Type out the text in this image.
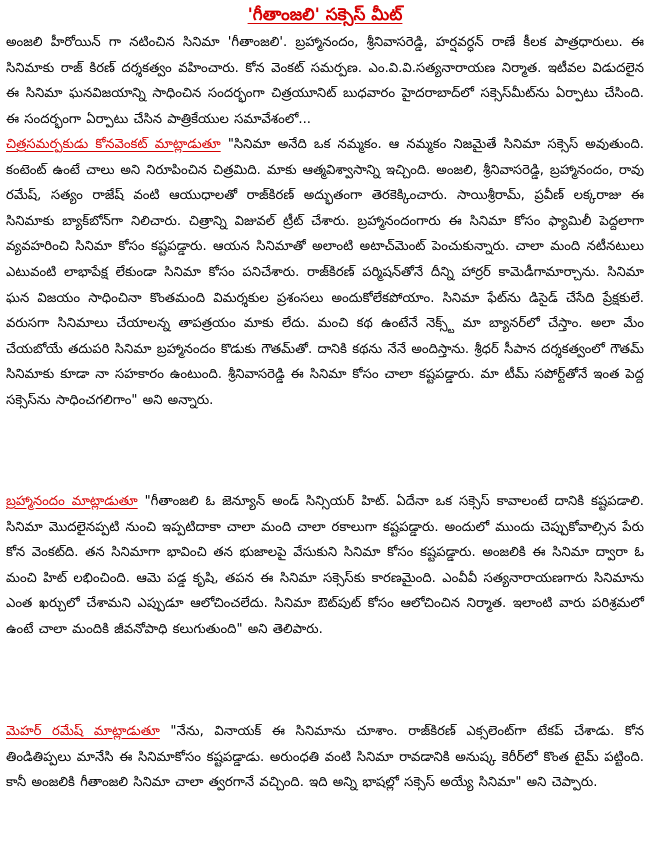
'గీతాంజలి' సక్సెస్ మీట్

అంజలి హీరోయిన్ గా నటించిన సినిమా 'గీతాంజలి'. బ్రహ్మానందం, శ్రీనివాసరెడ్డి, హర్షవర్ధన్ రాణే కీలక పాత్రధారులు. ఈ సినిమాకు రాజ్ కిరణ్ దర్శకత్వం వహించారు. కోన వెంకట్ సమర్పణ. ఎం.వి.వి.సత్యనారాయణ నిర్మాత. ఇటీవల విడుదలైన ఈ సినిమా ఘనవిజయాన్ని సాధించిన సందర్భంగా చిత్రయూనిట్ బుధవారం హైదరాబాద్‌లో సక్సెస్‌మీట్‌ను ఏర్పాటు చేసింది. ఈ సందర్భంగా ఏర్పాటు చేసిన పాత్రికేయుల సమావేశంలో...

చిత్రసమర్పకుడు కోనవెంకట్ మాట్లాడుతూ "సినిమా అనేది ఒక నమ్మకం. ఆ నమ్మకం నిజమైతే సినిమా సక్సెస్ అవుతుంది. కంటెంట్ ఉంటే చాలు అని నిరూపించిన చిత్రమిది. మాకు ఆత్మవిశ్వాసాన్ని ఇచ్చింది. అంజలి, శ్రీనివాసరెడ్డి, బ్రహ్మానందం, రావు రమేష్, సత్యం రాజేష్ వంటి ఆయుధాలతో రాజ్‌కిరణ్ అద్భుతంగా తెరకెక్కించారు. సాయిశ్రీరామ్, ప్రవీణ్ లక్కరాజు ఈ సినిమాకు బ్యాక్‌బోన్‌గా నిలిచారు. చిత్రాన్ని విజువల్ ట్రీట్ చేశారు. బ్రహ్మానందంగారు ఈ సినిమా కోసం ఫ్యామిలీ పెద్దలాగా వ్యవహరించి సినిమా కోసం కష్టపడ్డారు. ఆయన సినిమాతో అలాంటి అటాచ్‌మెంట్ పెంచుకున్నారు. చాలా మంది నటీనటులు ఎటువంటి లాభాపేక్ష లేకుండా సినిమా కోసం పనిచేశారు. రాజ్‌కిరణ్ పర్మిషన్‌తోనే దీన్ని హార్రర్ కామెడీగామార్చాను. సినిమా ఘన విజయం సాధించినా కొంతమంది విమర్శకుల ప్రశంసలు అందుకోలేకపోయాం. సినిమా ఫేట్‌ను డిసైడ్ చేసేది ప్రేక్షకులే. వరుసగా సినిమాలు చేయాలన్న తాపత్రయం మాకు లేదు. మంచి కథ ఉంటేనే నెక్స్ట్ మా బ్యానర్‌లో చేస్తాం. అలా మేం చేయబోయే తదుపరి సినిమా బ్రహ్మానందం కొడుకు గౌతమ్‌తో. దానికి కథను నేనే అందిస్తాను. శ్రీధర్ సీపాన దర్శకత్వంలో గౌతమ్ సినిమాకు కూడా నా సహకారం ఉంటుంది. శ్రీనివాసరెడ్డి ఈ సినిమా కోసం చాలా కష్టపడ్డారు. మా టీమ్ సపోర్ట్‌తోనే ఇంత పెద్ద సక్సెస్‌ను సాధించగలిగాం" అని అన్నారు.

బ్రహ్మానందం మాట్లాడుతూ "గీతాంజలి ఓ జెన్యూన్ అండ్ సిన్సియర్ హిట్. ఏదేనా ఒక సక్సెస్ కావాలంటే దానికి కష్టపడాలి. సినిమా మొదలైనప్పటి నుంచి ఇప్పటిదాకా చాలా మంది చాలా రకాలుగా కష్టపడ్డారు. అందులో ముందు చెప్పుకోవాల్సిన పేరు కోన వెంకట్‌ది. తన సినిమాగా భావించి తన భుజాలపై వేసుకుని సినిమా కోసం కష్టపడ్డారు. అంజలికి ఈ సినిమా ద్వారా ఓ మంచి హిట్ లభించింది. ఆమె పడ్డ కృషి, తపన ఈ సినిమా సక్సెస్‌కు కారణమైంది. ఎంవీవీ సత్యనారాయణగారు సినిమాను ఎంత ఖర్చులో చేశామని ఎప్పుడూ ఆలోచించలేదు. సినిమా ఔట్‌పుట్ కోసం ఆలోచించిన నిర్మాత. ఇలాంటి వారు పరిశ్రమలో ఉంటే చాలా మందికి జీవనోపాధి కలుగుతుంది" అని తెలిపారు.

మెహర్ రమేష్ మాట్లాడుతూ "నేను, వినాయక్ ఈ సినిమాను చూశాం. రాజ్‌కిరణ్ ఎక్సలెంట్‌గా టేకప్ చేశాడు. కోన తిండితిప్పలు మానేసి ఈ సినిమాకోసం కష్టపడ్డాడు. అరుంధతి వంటి సినిమా రావడానికి అనుష్క కెరీర్‌లో కొంత టైమ్ పట్టింది. కానీ అంజలికి గీతాంజలి సినిమా చాలా త్వరగానే వచ్చింది. ఇది అన్ని భాషల్లో సక్సెస్ అయ్యే సినిమా" అని చెప్పారు.
